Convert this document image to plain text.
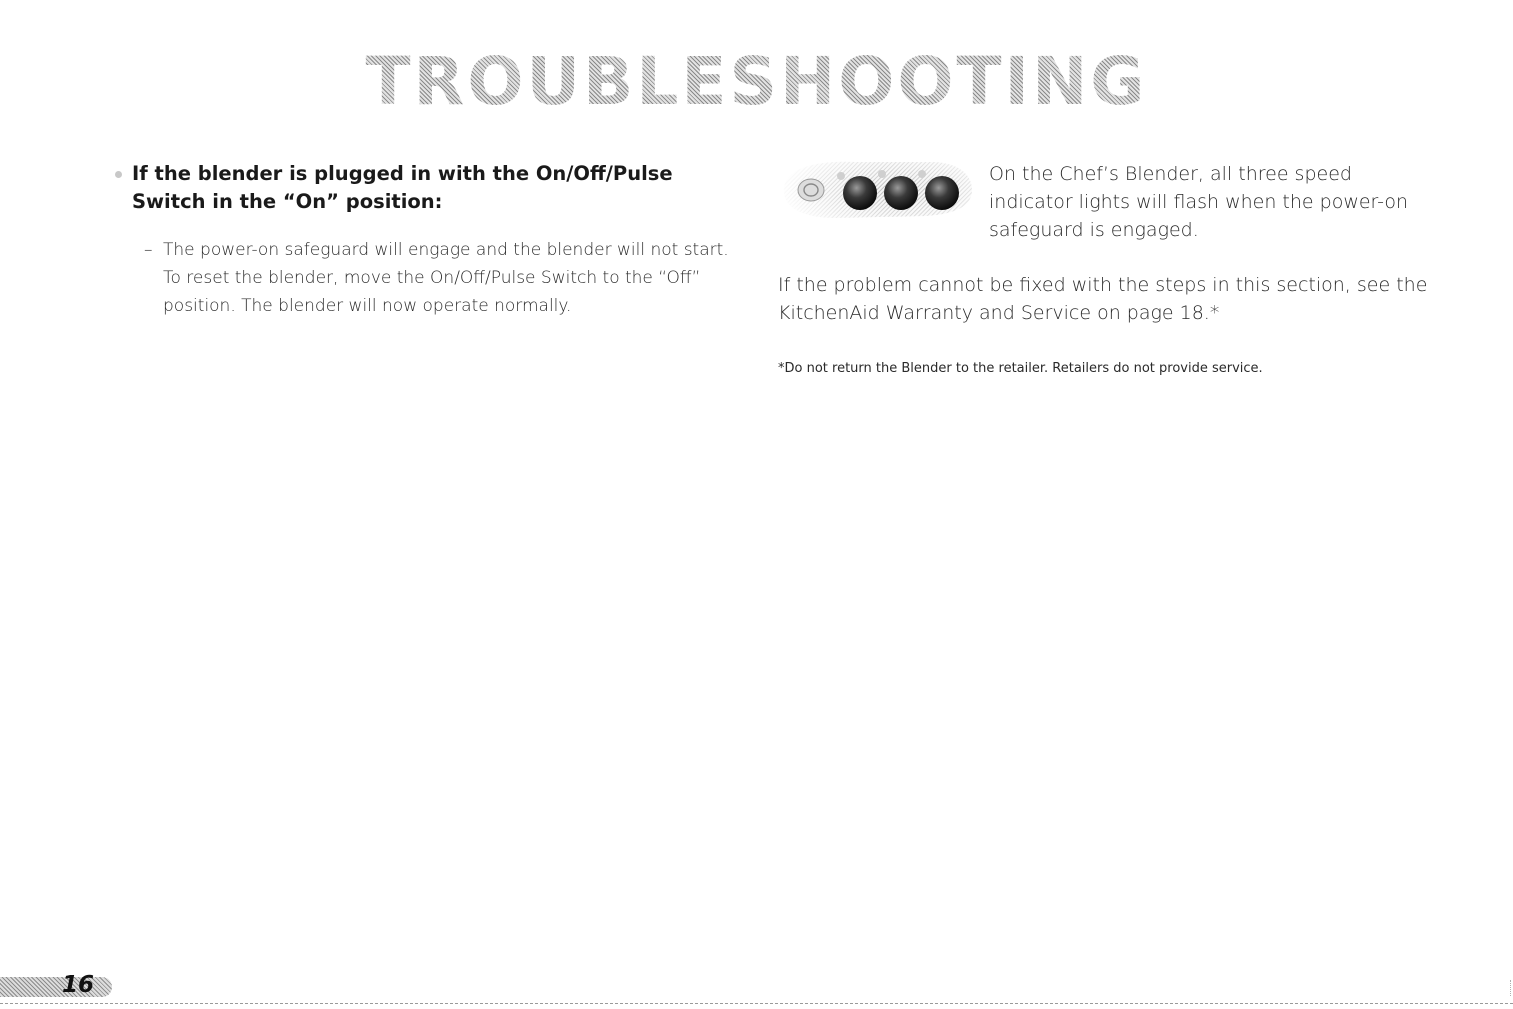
TROUBLESHOOTING
If the blender is plugged in with the On/Off/Pulse Switch in the “On” position:
– The power-on safeguard will engage and the blender will not start. To reset the blender, move the On/Off/Pulse Switch to the “Off” position. The blender will now operate normally.
On the Chef’s Blender, all three speed indicator lights will flash when the power-on safeguard is engaged.
If the problem cannot be fixed with the steps in this section, see the KitchenAid Warranty and Service on page 18.*
*Do not return the Blender to the retailer. Retailers do not provide service.
16
